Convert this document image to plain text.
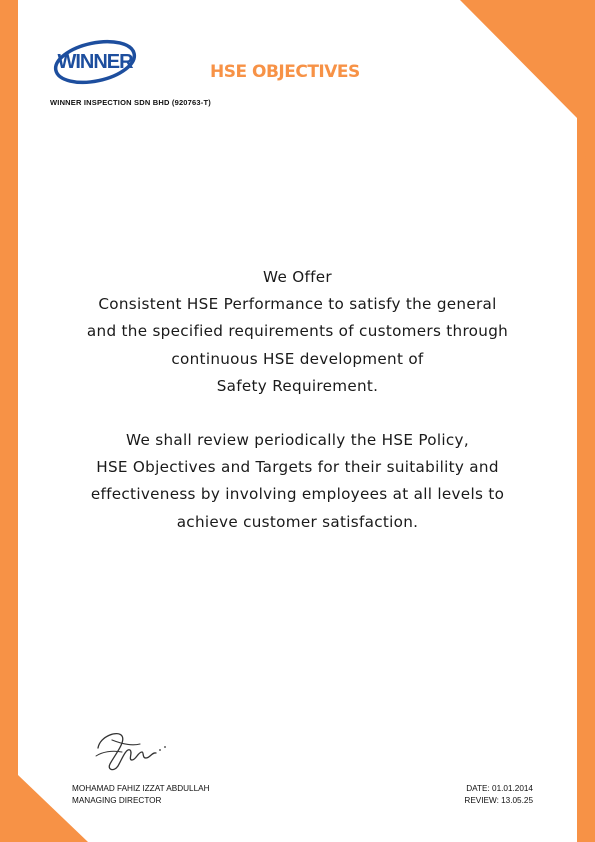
WINNER
WINNER INSPECTION SDN BHD (920763-T)
HSE OBJECTIVES
We Offer
Consistent HSE Performance to satisfy the general
and the specified requirements of customers through
continuous HSE development of
Safety Requirement.
We shall review periodically the HSE Policy,
HSE Objectives and Targets for their suitability and
effectiveness by involving employees at all levels to
achieve customer satisfaction.
MOHAMAD FAHIZ IZZAT ABDULLAH
MANAGING DIRECTOR
DATE: 01.01.2014
REVIEW: 13.05.25
